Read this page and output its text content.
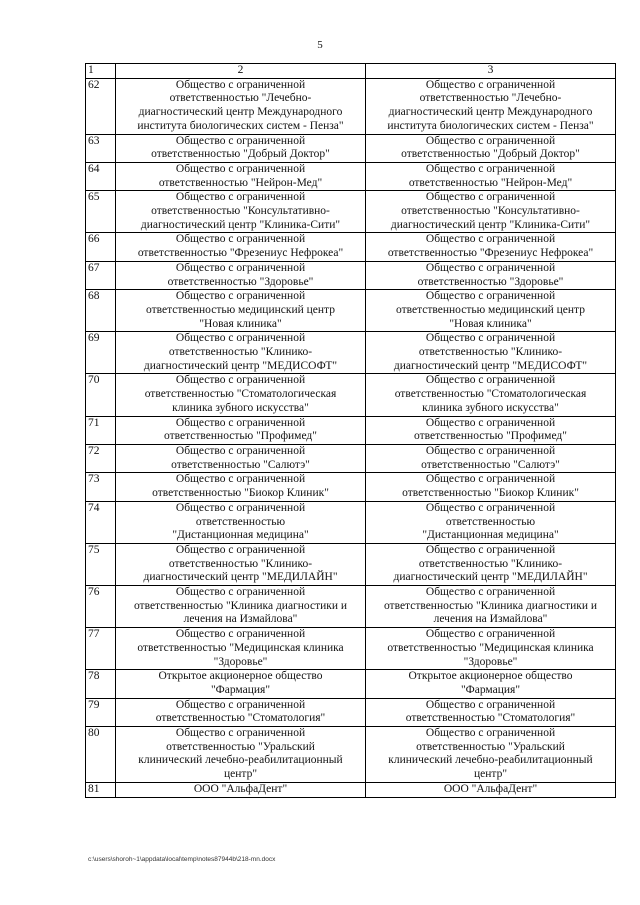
5
1	2	3
62	Общество с ограниченной
ответственностью "Лечебно-
диагностический центр Международного
института биологических систем - Пенза"	Общество с ограниченной
ответственностью "Лечебно-
диагностический центр Международного
института биологических систем - Пенза"

63	Общество с ограниченной
ответственностью "Добрый Доктор"	Общество с ограниченной
ответственностью "Добрый Доктор"

64	Общество с ограниченной
ответственностью "Нейрон-Мед"	Общество с ограниченной
ответственностью "Нейрон-Мед"

65	Общество с ограниченной
ответственностью "Консультативно-
диагностический центр "Клиника-Сити"	Общество с ограниченной
ответственностью "Консультативно-
диагностический центр "Клиника-Сити"

66	Общество с ограниченной
ответственностью "Фрезениус Нефрокеа"	Общество с ограниченной
ответственностью "Фрезениус Нефрокеа"

67	Общество с ограниченной
ответственностью "Здоровье"	Общество с ограниченной
ответственностью "Здоровье"

68	Общество с ограниченной
ответственностью медицинский центр
"Новая клиника"	Общество с ограниченной
ответственностью медицинский центр
"Новая клиника"

69	Общество с ограниченной
ответственностью "Клинико-
диагностический центр "МЕДИСОФТ"	Общество с ограниченной
ответственностью "Клинико-
диагностический центр "МЕДИСОФТ"

70	Общество с ограниченной
ответственностью "Стоматологическая
клиника зубного искусства"	Общество с ограниченной
ответственностью "Стоматологическая
клиника зубного искусства"

71	Общество с ограниченной
ответственностью "Профимед"	Общество с ограниченной
ответственностью "Профимед"

72	Общество с ограниченной
ответственностью "Салютэ"	Общество с ограниченной
ответственностью "Салютэ"

73	Общество с ограниченной
ответственностью "Биокор Клиник"	Общество с ограниченной
ответственностью "Биокор Клиник"

74	Общество с ограниченной
ответственностью
"Дистанционная медицина"	Общество с ограниченной
ответственностью
"Дистанционная медицина"

75	Общество с ограниченной
ответственностью "Клинико-
диагностический центр "МЕДИЛАЙН"	Общество с ограниченной
ответственностью "Клинико-
диагностический центр "МЕДИЛАЙН"

76	Общество с ограниченной
ответственностью "Клиника диагностики и
лечения на Измайлова"	Общество с ограниченной
ответственностью "Клиника диагностики и
лечения на Измайлова"

77	Общество с ограниченной
ответственностью "Медицинская клиника
"Здоровье"	Общество с ограниченной
ответственностью "Медицинская клиника
"Здоровье"

78	Открытое акционерное общество
"Фармация"	Открытое акционерное общество
"Фармация"

79	Общество с ограниченной
ответственностью "Стоматология"	Общество с ограниченной
ответственностью "Стоматология"

80	Общество с ограниченной
ответственностью "Уральский
клинический лечебно-реабилитационный
центр"	Общество с ограниченной
ответственностью "Уральский
клинический лечебно-реабилитационный
центр"

81	ООО "АльфаДент"	ООО "АльфаДент"
c:\users\shoroh~1\appdata\local\temp\notes87944b\218-mn.docx
